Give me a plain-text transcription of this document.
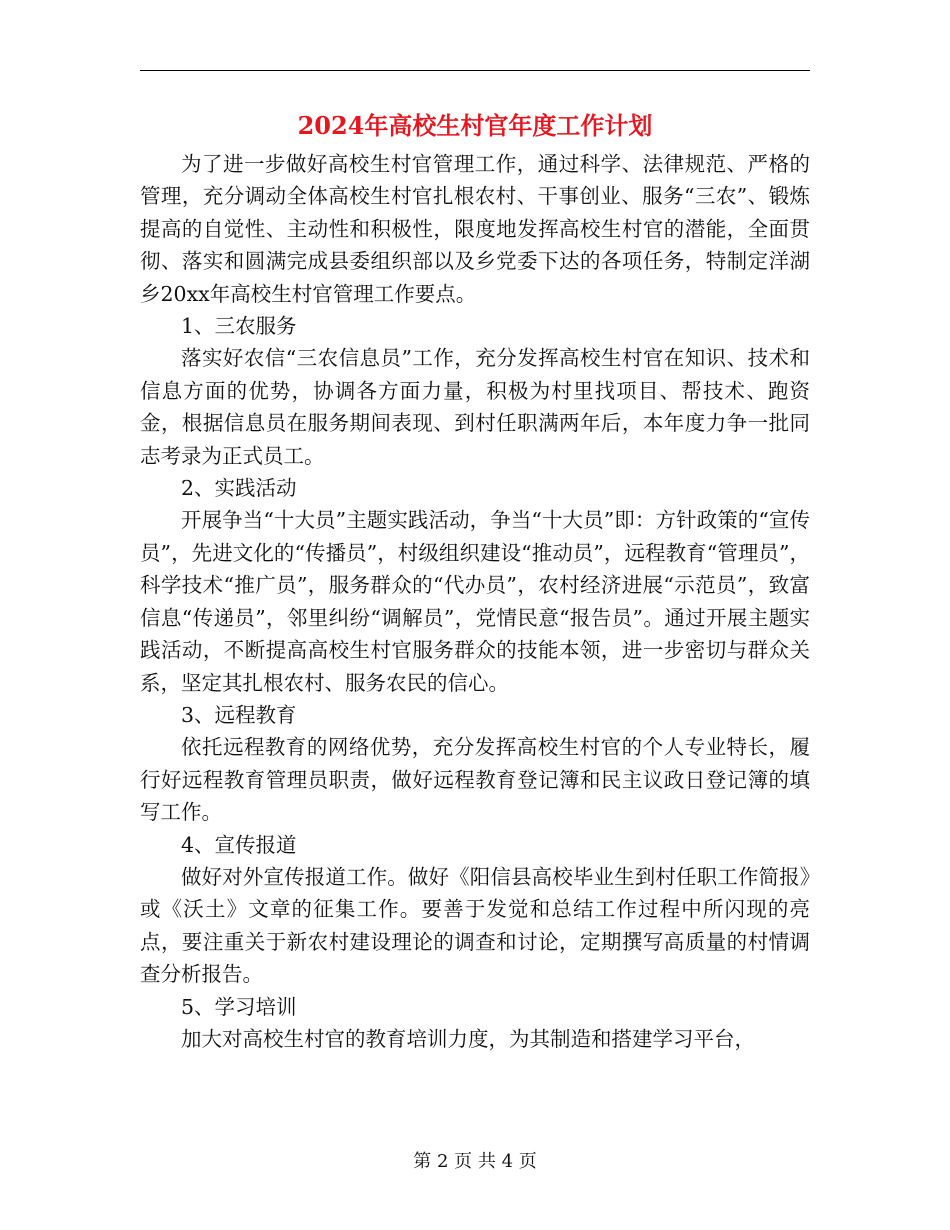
2024年高校生村官年度工作计划

为了进一步做好高校生村官管理工作，通过科学、法律规范、严格的管理，充分调动全体高校生村官扎根农村、干事创业、服务“三农”、锻炼提高的自觉性、主动性和积极性，限度地发挥高校生村官的潜能，全面贯彻、落实和圆满完成县委组织部以及乡党委下达的各项任务，特制定洋湖乡20xx年高校生村官管理工作要点。

1、三农服务

落实好农信“三农信息员”工作，充分发挥高校生村官在知识、技术和信息方面的优势，协调各方面力量，积极为村里找项目、帮技术、跑资金，根据信息员在服务期间表现、到村任职满两年后，本年度力争一批同志考录为正式员工。

2、实践活动

开展争当“十大员”主题实践活动，争当“十大员”即：方针政策的“宣传员”，先进文化的“传播员”，村级组织建设“推动员”，远程教育“管理员”，科学技术“推广员”，服务群众的“代办员”，农村经济进展“示范员”，致富信息“传递员”，邻里纠纷“调解员”，党情民意“报告员”。通过开展主题实践活动，不断提高高校生村官服务群众的技能本领，进一步密切与群众关系，坚定其扎根农村、服务农民的信心。

3、远程教育

依托远程教育的网络优势，充分发挥高校生村官的个人专业特长，履行好远程教育管理员职责，做好远程教育登记簿和民主议政日登记簿的填写工作。

4、宣传报道

做好对外宣传报道工作。做好《阳信县高校毕业生到村任职工作简报》或《沃土》文章的征集工作。要善于发觉和总结工作过程中所闪现的亮点，要注重关于新农村建设理论的调查和讨论，定期撰写高质量的村情调查分析报告。

5、学习培训

加大对高校生村官的教育培训力度，为其制造和搭建学习平台，

第 2 页 共 4 页
